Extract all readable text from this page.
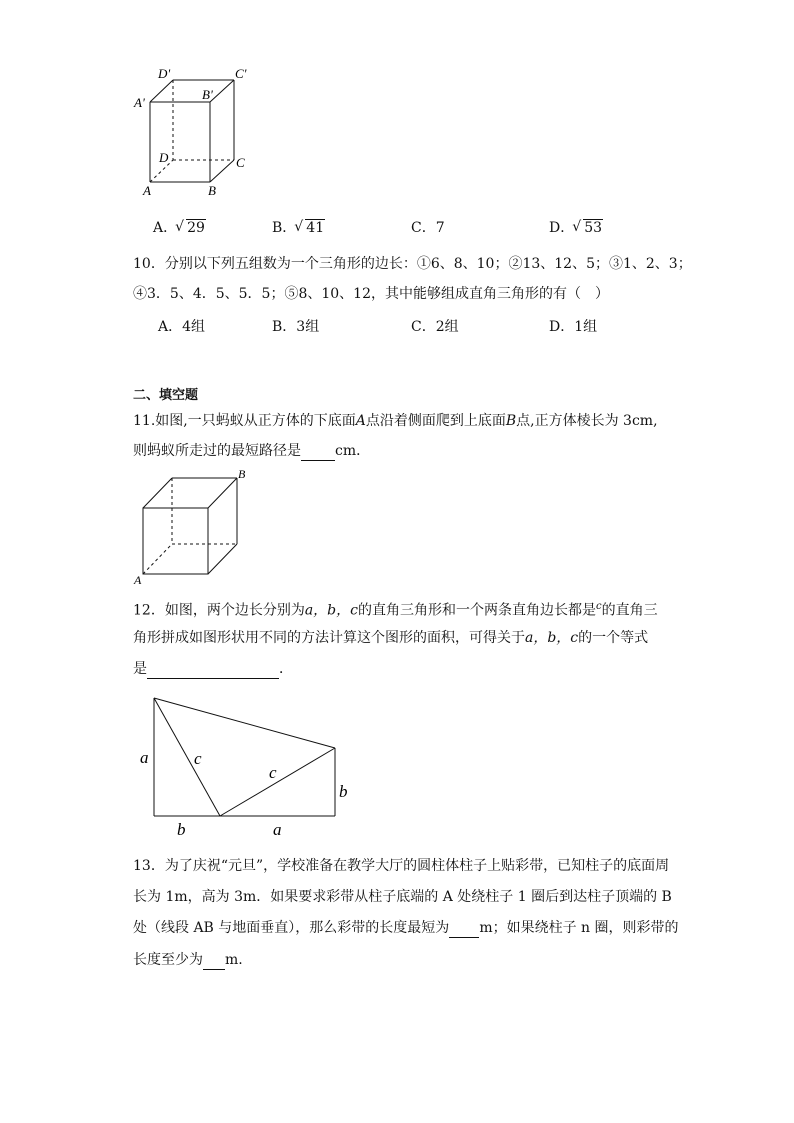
D'	C'
A'
B'
D	C
A	B
A． √ 29	B． √ 41	C．7	D． √ 53
10．分别以下列五组数为一个三角形的边长：①6、8、10；②13、12、5；③1、2、3；
④3．5、4．5、5．5；⑤8、10、12，其中能够组成直角三角形的有（　）
A．4组	B．3组	C．2组	D．1组
二、填空题
11.如图,一只蚂蚁从正方体的下底面A点沿着侧面爬到上底面B点,正方体棱长为 3cm,
则蚂蚁所走过的最短路径是 cm．
B
A
12．如图，两个边长分别为a，b，c的直角三角形和一个两条直角边长都是$^c$的直角三
角形拼成如图形状用不同的方法计算这个图形的面积，可得关于a，b，c的一个等式
是	．
a	c
c
b
b	a
13．为了庆祝“元旦”，学校准备在教学大厅的圆柱体柱子上贴彩带，已知柱子的底面周
长为 1m，高为 3m．如果要求彩带从柱子底端的 A 处绕柱子 1 圈后到达柱子顶端的 B
处（线段 AB 与地面垂直），那么彩带的长度最短为 m；如果绕柱子 n 圈，则彩带的
长度至少为 m.
